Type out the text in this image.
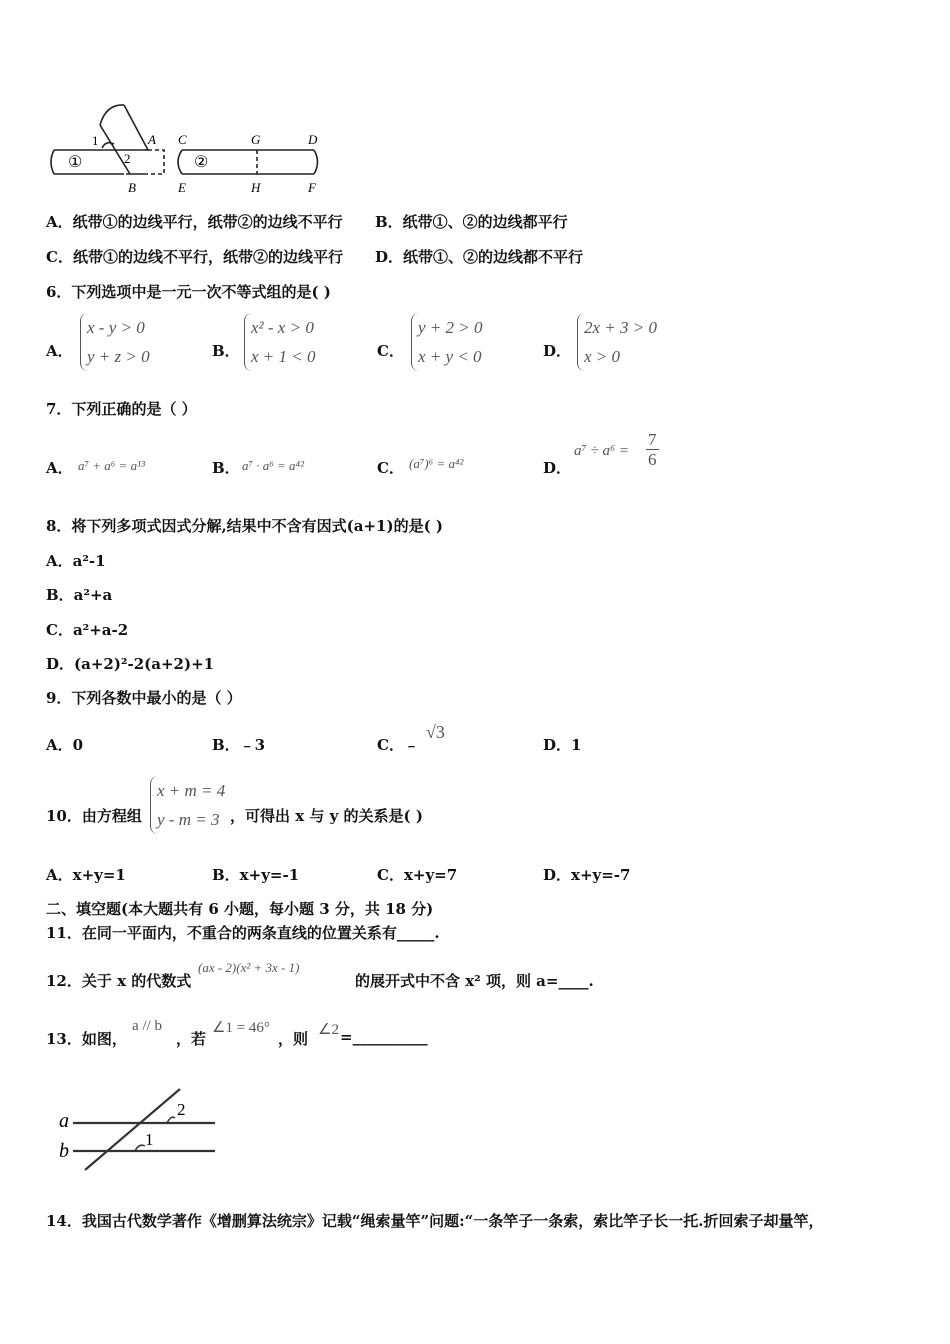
1
2
A
B
C	G	D
E	H	F
①	②
A．纸带①的边线平行，纸带②的边线不平行 B．纸带①、②的边线都平行
C．纸带①的边线不平行，纸带②的边线平行 D．纸带①、②的边线都不平行
6．下列选项中是一元一次不等式组的是( )
A．
x - y > 0
y + z > 0	B．
x² - x > 0
x + 1 < 0	C．
y + 2 > 0
x + y < 0	D．
2x + 3 > 0
x > 0
7．下列正确的是（ ）
A． a⁷ + a⁶ = a¹³	B． a⁷ · a⁶ = a⁴²	C． (a⁷)⁶ = a⁴²	D．
$a^7 \div a^6 = \frac{7}{6}$
8．将下列多项式因式分解,结果中不含有因式(a+1)的是( )
A．a²-1
B．a²+a
C．a²+a-2
D．(a+2)²-2(a+2)+1
9．下列各数中最小的是（ ）
A．0	B．﹣3	C．﹣
√3
D．1
10．由方程组
x + m = 4
y - m = 3 ，可得出 x 与 y 的关系是( )
A．x+y=1	B．x+y=-1	C．x+y=7	D．x+y=-7
二、填空题(本大题共有 6 小题，每小题 3 分，共 18 分)
11．在同一平面内，不重合的两条直线的位置关系有_____.
12．关于 x 的代数式
(ax - 2)(x² + 3x - 1)
的展开式中不含 x² 项，则 a=____.
13．如图，
a // b
，若
∠1 = 46°
，则 ∠2 =__________
a
b
2
1
14．我国古代数学著作《增删算法统宗》记载“绳索量竿”问题:“一条竿子一条索，索比竿子长一托.折回索子却量竿，
